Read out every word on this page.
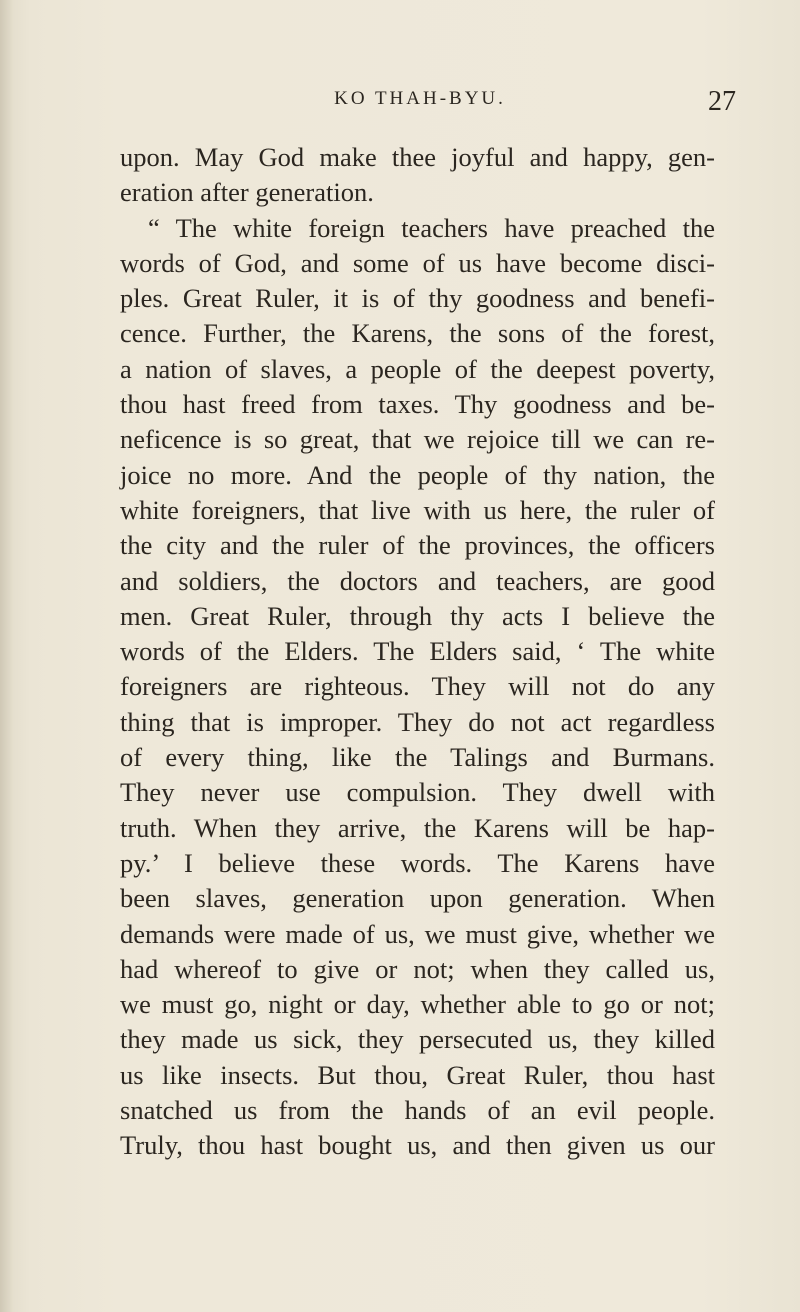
KO THAH-BYU.	27
upon. May God make thee joyful and happy, gen-
eration after generation.
“ The white foreign teachers have preached the
words of God, and some of us have become disci-
ples. Great Ruler, it is of thy goodness and benefi-
cence. Further, the Karens, the sons of the forest,
a nation of slaves, a people of the deepest poverty,
thou hast freed from taxes. Thy goodness and be-
neficence is so great, that we rejoice till we can re-
joice no more. And the people of thy nation, the
white foreigners, that live with us here, the ruler of
the city and the ruler of the provinces, the officers
and soldiers, the doctors and teachers, are good
men. Great Ruler, through thy acts I believe the
words of the Elders. The Elders said, ‘ The white
foreigners are righteous. They will not do any
thing that is improper. They do not act regardless
of every thing, like the Talings and Burmans.
They never use compulsion. They dwell with
truth. When they arrive, the Karens will be hap-
py.’ I believe these words. The Karens have
been slaves, generation upon generation. When
demands were made of us, we must give, whether we
had whereof to give or not; when they called us,
we must go, night or day, whether able to go or not;
they made us sick, they persecuted us, they killed
us like insects. But thou, Great Ruler, thou hast
snatched us from the hands of an evil people.
Truly, thou hast bought us, and then given us our
